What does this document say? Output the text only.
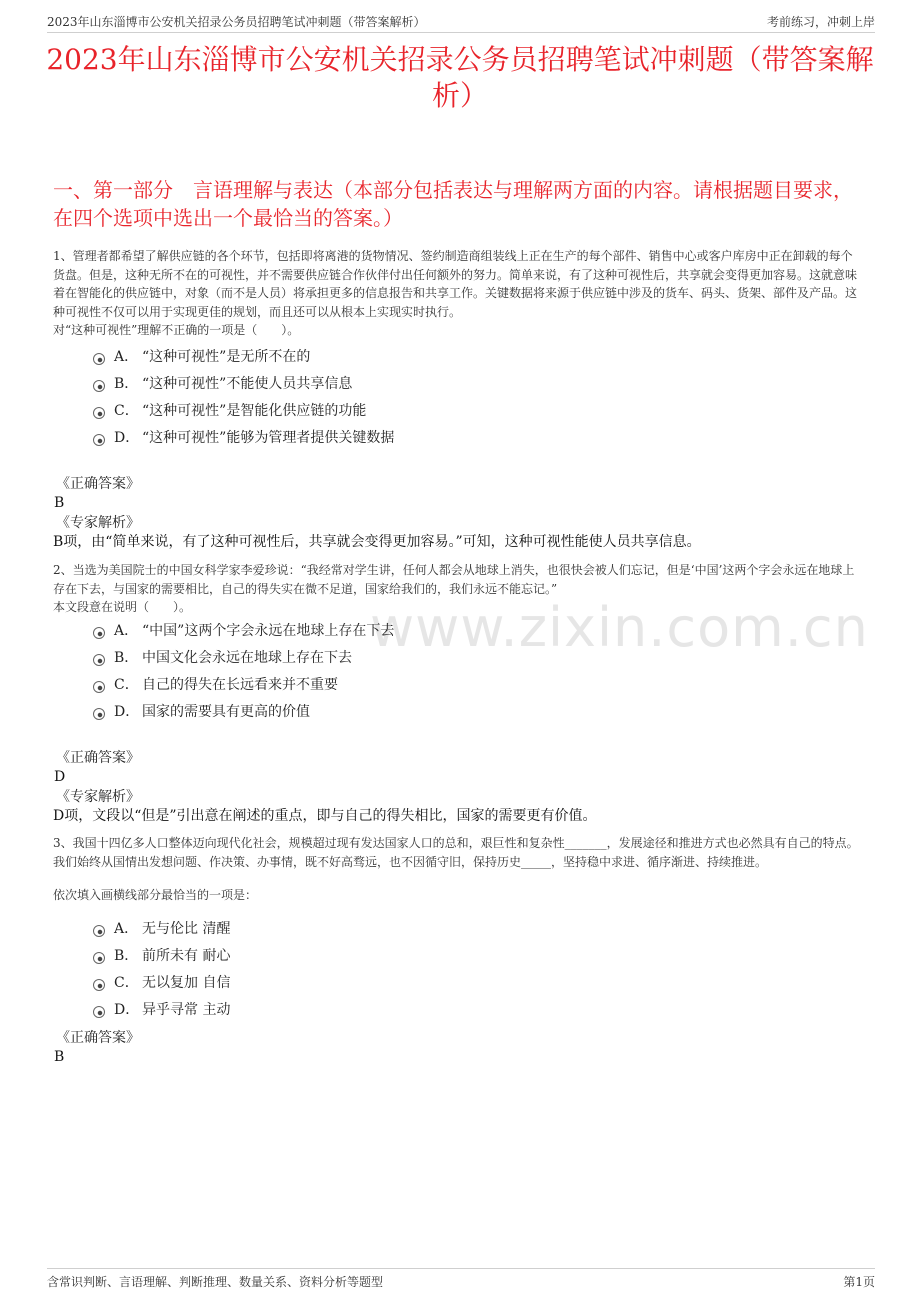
2023年山东淄博市公安机关招录公务员招聘笔试冲刺题（带答案解析）	考前练习，冲刺上岸
2023年山东淄博市公安机关招录公务员招聘笔试冲刺题（带答案解析）
一、第一部分　言语理解与表达（本部分包括表达与理解两方面的内容。请根据题目要求，在四个选项中选出一个最恰当的答案。）
www.zixin.com.cn
1、管理者都希望了解供应链的各个环节，包括即将离港的货物情况、签约制造商组装线上正在生产的每个部件、销售中心或客户库房中正在卸载的每个货盘。但是，这种无所不在的可视性，并不需要供应链合作伙伴付出任何额外的努力。简单来说，有了这种可视性后，共享就会变得更加容易。这就意味着在智能化的供应链中，对象（而不是人员）将承担更多的信息报告和共享工作。关键数据将来源于供应链中涉及的货车、码头、货架、部件及产品。这种可视性不仅可以用于实现更佳的规划，而且还可以从根本上实现实时执行。
对“这种可视性”理解不正确的一项是（　　）。
A． “这种可视性”是无所不在的
B． “这种可视性”不能使人员共享信息
C． “这种可视性”是智能化供应链的功能
D． “这种可视性”能够为管理者提供关键数据
《正确答案》
B
《专家解析》
B项，由“简单来说，有了这种可视性后，共享就会变得更加容易。”可知，这种可视性能使人员共享信息。
2、当选为美国院士的中国女科学家李爱珍说：“我经常对学生讲，任何人都会从地球上消失，也很快会被人们忘记，但是‘中国’这两个字会永远在地球上存在下去，与国家的需要相比，自己的得失实在微不足道，国家给我们的，我们永远不能忘记。”
本文段意在说明（　　）。
A． “中国”这两个字会永远在地球上存在下去
B． 中国文化会永远在地球上存在下去
C． 自己的得失在长远看来并不重要
D． 国家的需要具有更高的价值
《正确答案》
D
《专家解析》
D项，文段以“但是”引出意在阐述的重点，即与自己的得失相比，国家的需要更有价值。
3、我国十四亿多人口整体迈向现代化社会，规模超过现有发达国家人口的总和，艰巨性和复杂性_______，发展途径和推进方式也必然具有自己的特点。我们始终从国情出发想问题、作决策、办事情，既不好高骛远，也不因循守旧，保持历史_____，坚持稳中求进、循序渐进、持续推进。
依次填入画横线部分最恰当的一项是：
A． 无与伦比 清醒
B． 前所未有 耐心
C． 无以复加 自信
D． 异乎寻常 主动
《正确答案》
B
含常识判断、言语理解、判断推理、数量关系、资料分析等题型	第1页
